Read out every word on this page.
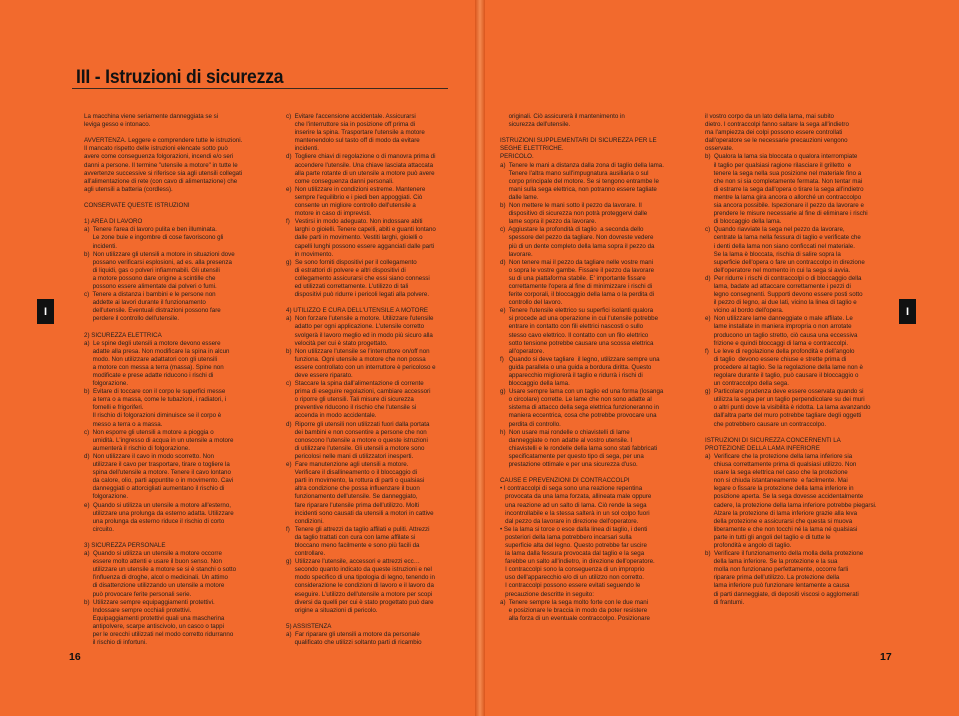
III - Istruzioni di sicurezza
I	I

La macchina viene seriamente danneggiata se si
leviga gesso e intonaco.

AVVERTENZA. Leggere e comprendere tutte le istruzioni.
Il mancato rispetto delle istruzioni elencate sotto può
avere come conseguenza folgorazioni, incendi e/o seri
danni a persone. Il termine "utensile a motore" in tutte le
avvertenze successive si riferisce sia agli utensili collegati
all'alimentazione di rete (con cavo di alimentazione) che
agli utensili a batteria (cordless).

CONSERVATE QUESTE ISTRUZIONI

1) AREA DI LAVORO
a)  Tenere l'area di lavoro pulita e ben illuminata.
Le zone buie e ingombre di cose favoriscono gli
incidenti.
b)  Non utilizzare gli utensili a motore in situazioni dove
possano verificarsi esplosioni, ad es. alla presenza
di liquidi, gas o polveri infiammabili. Gli utensili
a motore possono dare origine a scintille che
possono essere alimentate dai polveri o fumi.
c)  Tenere a distanza i bambini e le persone non
addette ai lavori durante il funzionamento
dell'utensile. Eventuali distrazioni possono fare
perdere il controllo dell'utensile.

2) SICUREZZA ELETTRICA
a)  Le spine degli utensili a motore devono essere
adatte alla presa. Non modificare la spina in alcun
modo. Non utilizzare adattatori con gli utensili
a motore con messa a terra (massa). Spine non
modificate e prese adatte riducono i rischi di
folgorazione.
b)  Evitare di toccare con il corpo le superfici messe
a terra o a massa, come le tubazioni, i radiatori, i
fornelli e frigoriferi.
Il rischio di folgorazioni diminuisce se il corpo è
messo a terra o a massa.
c)  Non esporre gli utensili a motore a pioggia o
umidità. L'ingresso di acqua in un utensile a motore
aumenterà il rischio di folgorazione.
d)  Non utilizzare il cavo in modo scorretto. Non
utilizzare il cavo per trasportare, tirare o togliere la
spina dell'utensile a motore. Tenere il cavo lontano
da calore, olio, parti appuntite o in movimento. Cavi
danneggiati o attorcigliati aumentano il rischio di
folgorazione.
e)  Quando si utilizza un utensile a motore all'esterno,
utilizzare una prolunga da esterno adatta. Utilizzare
una prolunga da esterno riduce il rischio di corto
circuito.

3) SICUREZZA PERSONALE
a)  Quando si utilizza un utensile a motore occorre
essere molto attenti e usare il buon senso. Non
utilizzare un utensile a motore se si è stanchi o sotto
l'influenza di droghe, alcol o medicinali. Un attimo
di disattenzione utilizzando un utensile a motore
può provocare ferite personali serie.
b)  Utilizzare sempre equipaggiamenti protettivi.
Indossare sempre occhiali protettivi.
Equipaggiamenti protettivi quali una mascherina
antipolvere, scarpe antiscivolo, un casco o tappi
per le orecchi utilizzati nel modo corretto ridurranno
il rischio di infortuni.

c)  Evitare l'accensione accidentale. Assicurarsi
che l'interruttore sia in posizione off prima di
inserire la spina. Trasportare l'utensile a motore
mantenendolo sul tasto off di modo da evitare
incidenti.
d)  Togliere chiavi di regolazione o di manovra prima di
accendere l'utensile. Una chiave lasciata attaccata
alla parte rotante di un utensile a motore può avere
come conseguenza danni personali.
e)  Non utilizzare in condizioni estreme. Mantenere
sempre l'equilibrio e i piedi ben appoggiati. Ciò
consente un migliore controllo dell'utensile a
motore in caso di imprevisti.
f)   Vestirsi in modo adeguato. Non indossare abiti
larghi o gioielli. Tenere capelli, abiti e guanti lontano
dalle parti in movimento. Vestiti larghi, gioielli o
capelli lunghi possono essere agganciati dalle parti
in movimento.
g)  Se sono forniti dispositivi per il collegamento
di estrattori di polvere e altri dispositivi di
collegamento assicurarsi che essi siano connessi
ed utilizzati correttamente. L'utilizzo di tali
dispositivi può ridurre i pericoli legati alla polvere.

4) UTILIZZO E CURA DELL'UTENSILE A MOTORE
a)  Non forzare l'utensile a motore. Utilizzare l'utensile
adatto per ogni applicazione. L'utensile corretto
svolgerà il lavoro meglio ed in modo più sicuro alla
velocità per cui è stato progettato.
b)  Non utilizzare l'utensile se l'interruttore on/off non
funziona. Ogni utensile a motore che non possa
essere controllato con un interruttore è pericoloso e
deve essere riparato.
c)  Staccare la spina dall'alimentazione di corrente
prima di eseguire regolazioni, cambiare accessori
o riporre gli utensili. Tali misure di sicurezza
preventive riducono il rischio che l'utensile si
accenda in modo accidentale.
d)  Riporre gli utensili non utilizzati fuori dalla portata
dei bambini e non consentire a persone che non
conoscono l'utensile a motore o queste istruzioni
di utilizzare l'utensile. Gli utensili a motore sono
pericolosi nelle mani di utilizzatori inesperti.
e)  Fare manutenzione agli utensili a motore.
Verificare il disallineamento o il bloccaggio di
parti in movimento, la rottura di parti o qualsiasi
altra condizione che possa influenzare il buon
funzionamento dell'utensile. Se danneggiato,
fare riparare l'utensile prima dell'utilizzo. Molti
incidenti sono causati da utensili a motori in cattive
condizioni.
f)   Tenere gli attrezzi da taglio affilati e puliti. Attrezzi
da taglio trattati con cura con lame affilate si
bloccano meno facilmente e sono più facili da
controllare.
g)  Utilizzare l'utensile, accessori e attrezzi ecc…
secondo quanto indicato da queste istruzioni e nel
modo specifico di una tipologia di legno, tenendo in
considerazione le condizioni di lavoro e il lavoro da
eseguire. L'utilizzo dell'utensile a motore per scopi
diversi da quelli per cui è stato progettato può dare
origine a situazioni di pericolo.

5) ASSISTENZA
a)  Far riparare gli utensili a motore da personale
qualificato che utilizzi soltanto parti di ricambio

originali. Ciò assicurerà il mantenimento in
sicurezza dell'utensile.

ISTRUZIONI SUPPLEMENTARI DI SICUREZZA PER LE
SEGHE ELETTRICHE.
PERICOLO.
a)  Tenere le mani a distanza dalla zona di taglio della lama.
Tenere l'altra mano sull'impugnatura ausiliaria o sul
corpo principale del motore. Se si tengono entrambe le
mani sulla sega elettrica, non potranno essere tagliate
dalle lame.
b)  Non mettere le mani sotto il pezzo da lavorare. Il
dispositivo di sicurezza non potrà proteggervi dalle
lame sopra il pezzo da lavorare.
c)  Aggiustare la profondità di taglio  a seconda dello
spessore del pezzo da tagliare. Non dovreste vedere
più di un dente completo della lama sopra il pezzo da
lavorare.
d)  Non tenere mai il pezzo da tagliare nelle vostre mani
o sopra le vostre gambe. Fissare il pezzo da lavorare
su di una piattaforma stabile. E' importante fissare
correttamente l'opera al fine di minimizzare i rischi di
ferite corporali, il bloccaggio della lama o la perdita di
controllo del lavoro.
e)  Tenere l'utensile elettrico su superfici isolanti qualora
si procede ad una operazione in cui l'utensile potrebbe
entrare in contatto con fili elettrici nascosti o sullo
stesso cavo elettrico. Il contatto con un filo elettrico
sotto tensione potrebbe causare una scossa elettrica
all'operatore.
f)   Quando si deve tagliare  il legno, utilizzare sempre una
guida parallela o una guida a bordura diritta. Questo
apparecchio migliorerà il taglio e ridurrà i rischi di
bloccaggio della lama.
g)  Usare sempre lama con un taglio ed una forma (losanga
o circolare) corrette. Le lame che non sono adatte al
sistema di attacco della sega elettrica funzioneranno in
maniera eccentrica, cosa che potrebbe provocare una
perdita di controllo.
h)  Non usare mai rondelle o chiavistelli di lame
danneggiate o non adatte al vostro utensile. I
chiavistelli e le rondelle della lama sono stati fabbricati
specificatamente per questo tipo di sega, per una
prestazione ottimale e per una sicurezza d'uso.

CAUSE E PREVENZIONI DI CONTRACCOLPI
• I contraccolpi di sega sono una reazione repentina
provocata da una lama forzata, allineata male oppure
una reazione ad un salto di lama. Ciò rende la sega
incontrollabile e la stessa salterà in un sol colpo fuori
dal pezzo da lavorare in direzione dell'operatore.
• Se la lama si torce o esce dalla linea di taglio, i denti
posteriori della lama potrebbero incarsari sulla
superficie alta del legno. Questo potrebbe far uscire
la lama dalla fessura provocata dal taglio e la sega
farebbe un salto all'indietro, in direzione dell'operatore.
I contraccolpi sono la conseguenza di un improprio
uso dell'apparecchio e/o di un utilizzo non corretto.
I contraccolpi possono essere evitati seguendo le
precauzione descritte in seguito:
a)  Tenere sempre la sega molto forte con le due mani
e posizionare le braccia in modo da poter resistere
alla forza di un eventuale contraccolpo. Posizionare

il vostro corpo da un lato della lama, mai subito
dietro. I contraccolpi fanno saltare la sega all'indietro
ma l'ampiezza dei colpi possono essere controllati
dall'operatore se le necessarie precauzioni vengono
osservate.
b)  Qualora la lama sia bloccata o qualora interrompiate
il taglio per qualsiasi ragione rilasciare il grilletto  e
tenere la sega nella sua posizione nel materiale fino a
che non si sia completamente fermata. Non tentar mai
di estrarre la sega dall'opera o tirare la sega all'indietro
mentre la lama gira ancora o allorché un contraccolpo
sia ancora possibile. Ispezionare il pezzo da lavorare e
prendere le misure necessarie al fine di eliminare i rischi
di bloccaggio della lama.
c)  Quando riavviate la sega nel pezzo da lavorare,
centrate la lama nella fessura di taglio e verificate che
i denti della lama non siano conficcati nel materiale.
Se la lama è bloccata, rischia di salire sopra la
superficie dell'opera o fare un contraccolpo in direzione
dell'operatore nel momento in cui la sega si avvia.
d)  Per ridurre i rischi di contraccolpi o di bloccaggio della
lama, badate ad attaccare correttamente i pezzi di
legno consegnenti. Supporti devono essere posti sotto
il pezzo di legno, ai due lati, vicino la linea di taglio e
vicino al bordo dell'opera.
e)  Non utilizzare lame danneggiate o male affilate. Le
lame installate in maniera impropria o non arrotate
producono un taglio stretto, ciò causa una eccessiva
frizione e quindi bloccaggi di lama e contraccolpi.
f)   Le leve di regolazione della profondità e dell'angolo
di taglio  devono essere chiuse e strette prima di
procedere al taglio. Se la regolazione della lame non è
regolare durante il taglio, può causare il bloccaggio o
un contraccolpo della sega.
g)  Particolare prudenza deve essere osservata quando si
utilizza la sega per un taglio perpendicolare su dei muri
o altri punti dove la visibilità è ridotta. La lama avanzando
dall'altra parte del muro potrebbe tagliare degli oggetti
che potrebbero causare un contraccolpo.

ISTRUZIONI DI SICUREZZA CONCERNENTI LA
PROTEZIONE DELLA LAMA INFERIORE
a)  Verificare che la protezione della lama inferiore sia
chiusa correttamente prima di qualsiasi utilizzo. Non
usare la sega elettrica nel caso che la protezione
non si chiuda istantaneamente  e facilmente. Mai
legare o fissare la protezione della lama inferiore in
posizione aperta. Se la sega dovesse accidentalmente
cadere, la protezione della lama inferiore potrebbe piegarsi.
Alzare la protezione di lama inferiore grazie alla leva
della protezione e assicurarsi che questa si muova
liberamente e che non tocchi né la lama né qualsiasi
parte in tutti gli angoli del taglio e di tutte le
profondità e angolo di taglio.
b)  Verificare il funzionamento della molla della protezione
della lama inferiore. Se la protezione e la sua
molla non funzionano perfettamente, occorre farli
riparare prima dell'utilizzo. La protezione della
lama inferiore può funzionare lentamente a causa
di parti danneggiate, di depositi viscosi o agglomerati
di frantumi.

16	17
